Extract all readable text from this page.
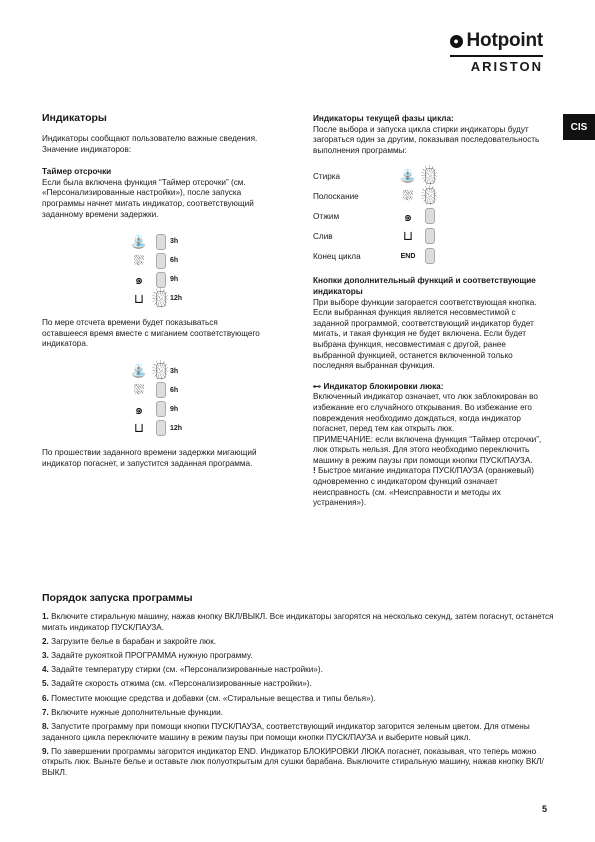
● Hotpoint
ARISTON
CIS
Индикаторы
Индикаторы сообщают пользователю важные сведения. Значение индикаторов:
Таймер отсрочки
Если была включена функция “Таймер отсрочки” (см. «Персонализированные настройки»), после запуска программы начнет мигать индикатор, соответствующий заданному времени задержки.
⛲	3h
⛆	6h
๑	9h
⊔	12h
По мере отсчета времени будет показываться оставшееся время вместе с миганием соответствующего индикатора.
⛲	3h
⛆	6h
๑	9h
⊔	12h
По прошествии заданного времени задержки мигающий индикатор погаснет, и запустится заданная программа.
Индикаторы текущей фазы цикла:
После выбора и запуска цикла стирки индикаторы будут загораться один за другим, показывая последовательность выполнения программы:
Стирка	⛲
Полоскание	⛆
Отжим	๑
Слив	⊔
Конец цикла	END
Кнопки дополнительный функций и соответствующие индикаторы
При выборе функции загорается соответствующая кнопка. Если выбранная функция является несовместимой с заданной программой, соответствующий индикатор будет мигать, и такая функция не будет включена. Если будет выбрана функция, несовместимая с другой, ранее выбранной функцией, останется включенной только последняя выбранная функция.
⊷ Индикатор блокировки люка:
Включенный индикатор означает, что люк заблокирован во избежание его случайного открывания. Во избежание его повреждения необходимо дождаться, когда индикатор погаснет, перед тем как открыть люк.
ПРИМЕЧАНИЕ: если включена функция “Таймер отсрочки”, люк открыть нельзя. Для этого необходимо переключить машину в режим паузы при помощи кнопки ПУСК/ПАУЗА.
! Быстрое мигание индикатора ПУСК/ПАУЗА (оранжевый) одновременно с индикатором функций означает неисправность (см. «Неисправности и методы их устранения»).
Порядок запуска программы
1. Включите стиральную машину, нажав кнопку ВКЛ/ВЫКЛ. Все индикаторы загорятся на несколько секунд, затем погаснут, останется мигать индикатор ПУСК/ПАУЗА.
2. Загрузите белье в барабан и закройте люк.
3. Задайте рукояткой ПРОГРАММА нужную программу.
4. Задайте температуру стирки (см. «Персонализированные настройки»).
5. Задайте скорость отжима (см. «Персонализированные настройки»).
6. Поместите моющие средства и добавки (см. «Стиральные вещества и типы белья»).
7. Включите нужные дополнительные функции.
8. Запустите программу при помощи кнопки ПУСК/ПАУЗА, соответствующий индикатор загорится зеленым цветом. Для отмены заданного цикла переключите машину в режим паузы при помощи кнопки ПУСК/ПАУЗА и выберите новый цикл.
9. По завершении программы загорится индикатор END. Индикатор БЛОКИРОВКИ ЛЮКА погаснет, показывая, что теперь можно открыть люк. Выньте белье и оставьте люк полуоткрытым для сушки барабана. Выключите стиральную машину, нажав кнопку ВКЛ/ВЫКЛ.
5
